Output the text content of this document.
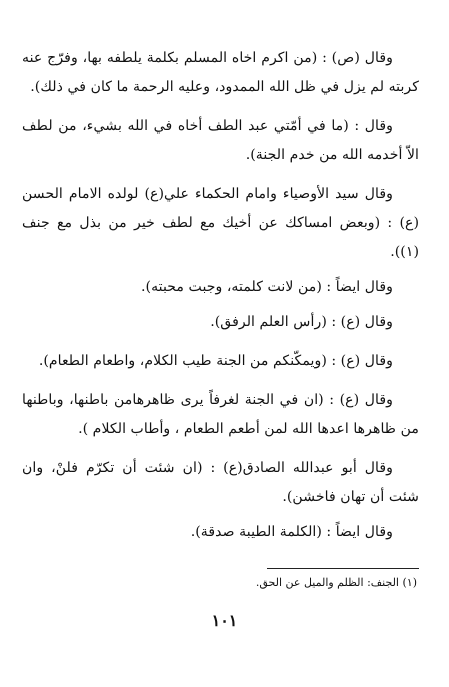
وقال (ص) : (من اكرم اخاه المسلم بكلمة يلطفه بها، وفرّج عنه كربته لم يزل في ظل الله الممدود، وعليه الرحمة ما كان في ذلك).

وقال : (ما في أمّتي عبد الطف أخاه في الله بشيء، من لطف الاّ أخدمه الله من خدم الجنة).

وقال سيد الأوصياء وامام الحكماء علي(ع) لولده الامام الحسن (ع) : (وبعض امساكك عن أخيك مع لطف خير من بذل مع جنف (١)).

وقال ايضاً : (من لانت كلمته، وجبت محبته).

وقال (ع) : (رأس العلم الرفق).

وقال (ع) : (ويمكّنكم من الجنة طيب الكلام، واطعام الطعام).

وقال (ع) : (ان في الجنة لغرفاً يرى ظاهرهامن باطنها، وباطنها من ظاهرها اعدها الله لمن أطعم الطعام ، وأطاب الكلام ).

وقال أبو عبدالله الصادق(ع) : (ان شئت أن تكرّم فلنْ، وان شئت أن تهان فاخشن).

وقال ايضاً : (الكلمة الطيبة صدقة).

(١) الجنف: الظلم والميل عن الحق.
١٠١
